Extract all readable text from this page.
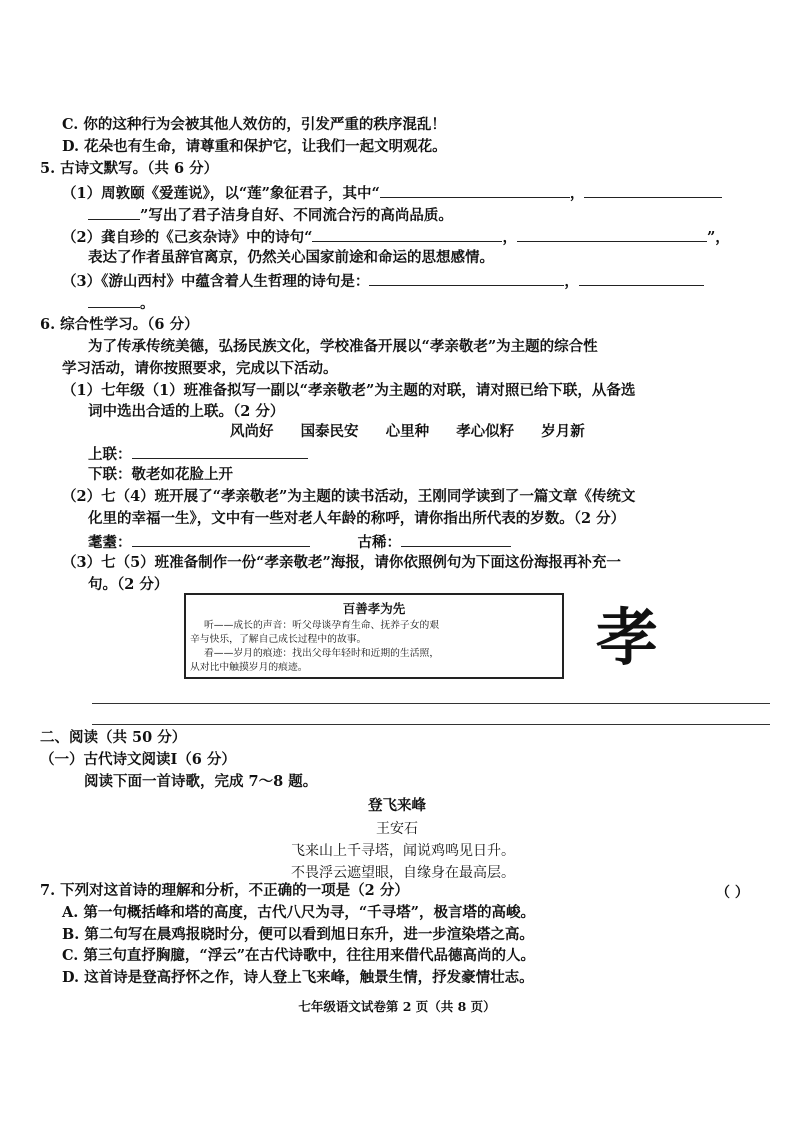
C. 你的这种行为会被其他人效仿的，引发严重的秩序混乱！
D. 花朵也有生命，请尊重和保护它，让我们一起文明观花。
5. 古诗文默写。（共 6 分）
（1）周敦颐《爱莲说》，以“莲”象征君子，其中“	，
”写出了君子洁身自好、不同流合污的高尚品质。
（2）龚自珍的《己亥杂诗》中的诗句“	，	”，
表达了作者虽辞官离京，仍然关心国家前途和命运的思想感情。
（3）《游山西村》中蕴含着人生哲理的诗句是：	，
。
6. 综合性学习。（6 分）
为了传承传统美德，弘扬民族文化，学校准备开展以“孝亲敬老”为主题的综合性
学习活动，请你按照要求，完成以下活动。
（1）七年级（1）班准备拟写一副以“孝亲敬老”为主题的对联，请对照已给下联，从备选
词中选出合适的上联。（2 分）
风尚好 国泰民安 心里种 孝心似籽 岁月新
上联：
下联：敬老如花脸上开
（2）七（4）班开展了“孝亲敬老”为主题的读书活动，王刚同学读到了一篇文章《传统文
化里的幸福一生》，文中有一些对老人年龄的称呼，请你指出所代表的岁数。（2 分）
耄耋：	古稀：
（3）七（5）班准备制作一份“孝亲敬老”海报，请你依照例句为下面这份海报再补充一
句。（2 分）
百善孝为先
听——成长的声音：听父母谈孕育生命、抚养子女的艰
辛与快乐，了解自己成长过程中的故事。
看——岁月的痕迹：找出父母年轻时和近期的生活照，
从对比中触摸岁月的痕迹。	孝
二、阅读（共 50 分）
（一）古代诗文阅读Ⅰ（6 分）
阅读下面一首诗歌，完成 7～8 题。
登飞来峰
王安石
飞来山上千寻塔，闻说鸡鸣见日升。
不畏浮云遮望眼，自缘身在最高层。
7. 下列对这首诗的理解和分析，不正确的一项是（2 分）	（ ）
A. 第一句概括峰和塔的高度，古代八尺为寻，“千寻塔”，极言塔的高峻。
B. 第二句写在晨鸡报晓时分，便可以看到旭日东升，进一步渲染塔之高。
C. 第三句直抒胸臆，“浮云”在古代诗歌中，往往用来借代品德高尚的人。
D. 这首诗是登高抒怀之作，诗人登上飞来峰，触景生情，抒发豪情壮志。
七年级语文试卷第 2 页（共 8 页）
